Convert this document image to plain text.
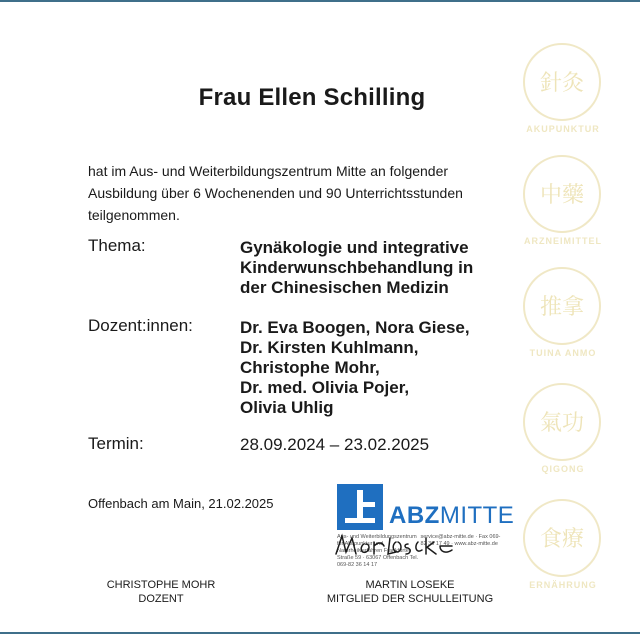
Frau Ellen Schilling
hat im Aus- und Weiterbildungszentrum Mitte an folgender Ausbildung über 6 Wochenenden und 90 Unterrichtsstunden teilgenommen.
Thema:	Gynäkologie und integrative
Kinderwunschbehandlung in
der Chinesischen Medizin
Dozent:innen:	Dr. Eva Boogen, Nora Giese,
Dr. Kirsten Kuhlmann,
Christophe Mohr,
Dr. med. Olivia Pojer,
Olivia Uhlig
Termin:	28.09.2024 – 23.02.2025
Offenbach am Main, 21.02.2025	ABZMITTE
Aus- und Weiterbildungszentrum für Akupunktur und Naturheilverfahren Frankfurter Straße 59 · 63067 Offenbach Tel. 069-82 36 14 17 service@abz-mitte.de · Fax 069-82 36 17 49 · www.abz-mitte.de
CHRISTOPHE MOHR
DOZENT
MARTIN LOSEKE
MITGLIED DER SCHULLEITUNG
針灸
AKUPUNKTUR
中藥
ARZNEIMITTEL
推拿
TUINA ANMO
氣功
QIGONG
食療
ERNÄHRUNG
